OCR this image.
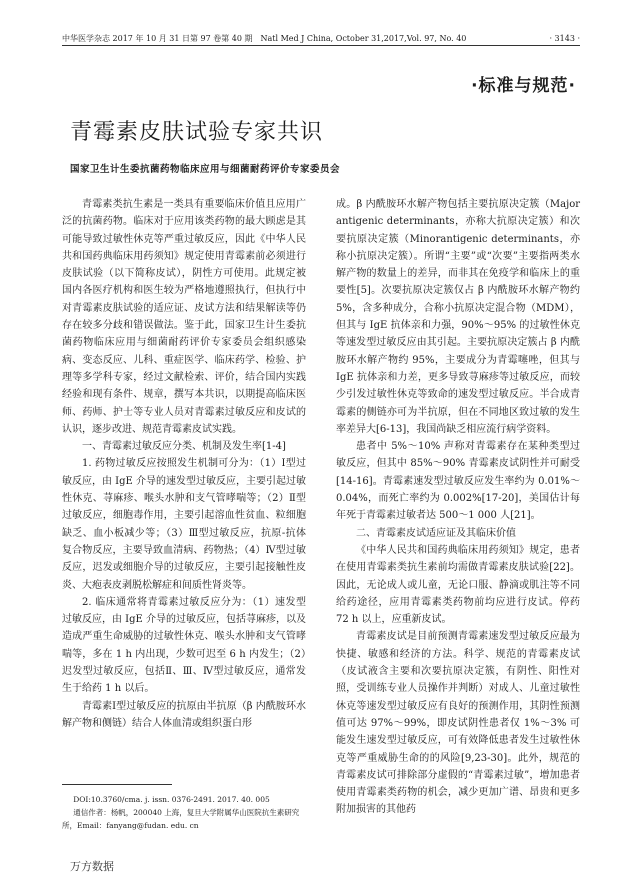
中华医学杂志 2017 年 10 月 31 日第 97 卷第 40 期　Natl Med J China, October 31,2017,Vol. 97, No. 40	· 3143 ·
·标准与规范·
青霉素皮肤试验专家共识
国家卫生计生委抗菌药物临床应用与细菌耐药评价专家委员会

青霉素类抗生素是一类具有重要临床价值且应用广泛的抗菌药物。临床对于应用该类药物的最大顾虑是其可能导致过敏性休克等严重过敏反应，因此《中华人民共和国药典临床用药须知》规定使用青霉素前必须进行皮肤试验（以下简称皮试），阴性方可使用。此规定被国内各医疗机构和医生较为严格地遵照执行，但执行中对青霉素皮肤试验的适应证、皮试方法和结果解读等仍存在较多分歧和错误做法。鉴于此，国家卫生计生委抗菌药物临床应用与细菌耐药评价专家委员会组织感染病、变态反应、儿科、重症医学、临床药学、检验、护理等多学科专家，经过文献检索、评价，结合国内实践经验和现有条件、规章，撰写本共识，以期提高临床医师、药师、护士等专业人员对青霉素过敏反应和皮试的认识，逐步改进、规范青霉素皮试实践。

一、青霉素过敏反应分类、机制及发生率[1-4]

1. 药物过敏反应按照发生机制可分为：（1）Ⅰ型过敏反应，由 IgE 介导的速发型过敏反应，主要引起过敏性休克、荨麻疹、喉头水肿和支气管哮喘等；（2）Ⅱ型过敏反应，细胞毒作用，主要引起溶血性贫血、粒细胞缺乏、血小板减少等；（3）Ⅲ型过敏反应，抗原-抗体复合物反应，主要导致血清病、药物热；（4）Ⅳ型过敏反应，迟发或细胞介导的过敏反应，主要引起接触性皮炎、大疱表皮剥脱松解症和间质性肾炎等。

2. 临床通常将青霉素过敏反应分为：（1）速发型过敏反应，由 IgE 介导的过敏反应，包括荨麻疹，以及造成严重生命威胁的过敏性休克、喉头水肿和支气管哮喘等，多在 1 h 内出现，少数可迟至 6 h 内发生；（2）迟发型过敏反应，包括Ⅱ、Ⅲ、Ⅳ型过敏反应，通常发生于给药 1 h 以后。

青霉素Ⅰ型过敏反应的抗原由半抗原（β 内酰胺环水解产物和侧链）结合人体血清或组织蛋白形

成。β 内酰胺环水解产物包括主要抗原决定簇（Major antigenic determinants，亦称大抗原决定簇）和次要抗原决定簇（Minorantigenic determinants，亦称小抗原决定簇）。所谓“主要”或“次要”主要指两类水解产物的数量上的差异，而非其在免疫学和临床上的重要性[5]。次要抗原决定簇仅占 β 内酰胺环水解产物约 5%，含多种成分，合称小抗原决定混合物（MDM），但其与 IgE 抗体亲和力强，90%～95% 的过敏性休克等速发型过敏反应由其引起。主要抗原决定簇占 β 内酰胺环水解产物约 95%，主要成分为青霉噻唑，但其与 IgE 抗体亲和力差，更多导致荨麻疹等过敏反应，而较少引发过敏性休克等致命的速发型过敏反应。半合成青霉素的侧链亦可为半抗原，但在不同地区致过敏的发生率差异大[6-13]，我国尚缺乏相应流行病学资料。

患者中 5%～10% 声称对青霉素存在某种类型过敏反应，但其中 85%～90% 青霉素皮试阴性并可耐受[14-16]。青霉素速发型过敏反应发生率约为 0.01%～0.04%，而死亡率约为 0.002%[17-20]，美国估计每年死于青霉素过敏者达 500～1 000 人[21]。

二、青霉素皮试适应证及其临床价值

《中华人民共和国药典临床用药须知》规定，患者在使用青霉素类抗生素前均需做青霉素皮肤试验[22]。因此，无论成人或儿童，无论口服、静滴或肌注等不同给药途径，应用青霉素类药物前均应进行皮试。停药 72 h 以上，应重新皮试。

青霉素皮试是目前预测青霉素速发型过敏反应最为快捷、敏感和经济的方法。科学、规范的青霉素皮试（皮试液含主要和次要抗原决定簇，有阴性、阳性对照，受训练专业人员操作并判断）对成人、儿童过敏性休克等速发型过敏反应有良好的预测作用，其阴性预测值可达 97%～99%，即皮试阴性患者仅 1%～3% 可能发生速发型过敏反应，可有效降低患者发生过敏性休克等严重威胁生命的的风险[9,23-30]。此外，规范的青霉素皮试可排除部分虚假的“青霉素过敏”，增加患者使用青霉素类药物的机会，减少更加广谱、昂贵和更多附加损害的其他药

DOI:10.3760/cma. j. issn. 0376-2491. 2017. 40. 005

通信作者：杨帆，200040 上海，复旦大学附属华山医院抗生素研究所，Email：fanyang@fudan. edu. cn

万方数据
